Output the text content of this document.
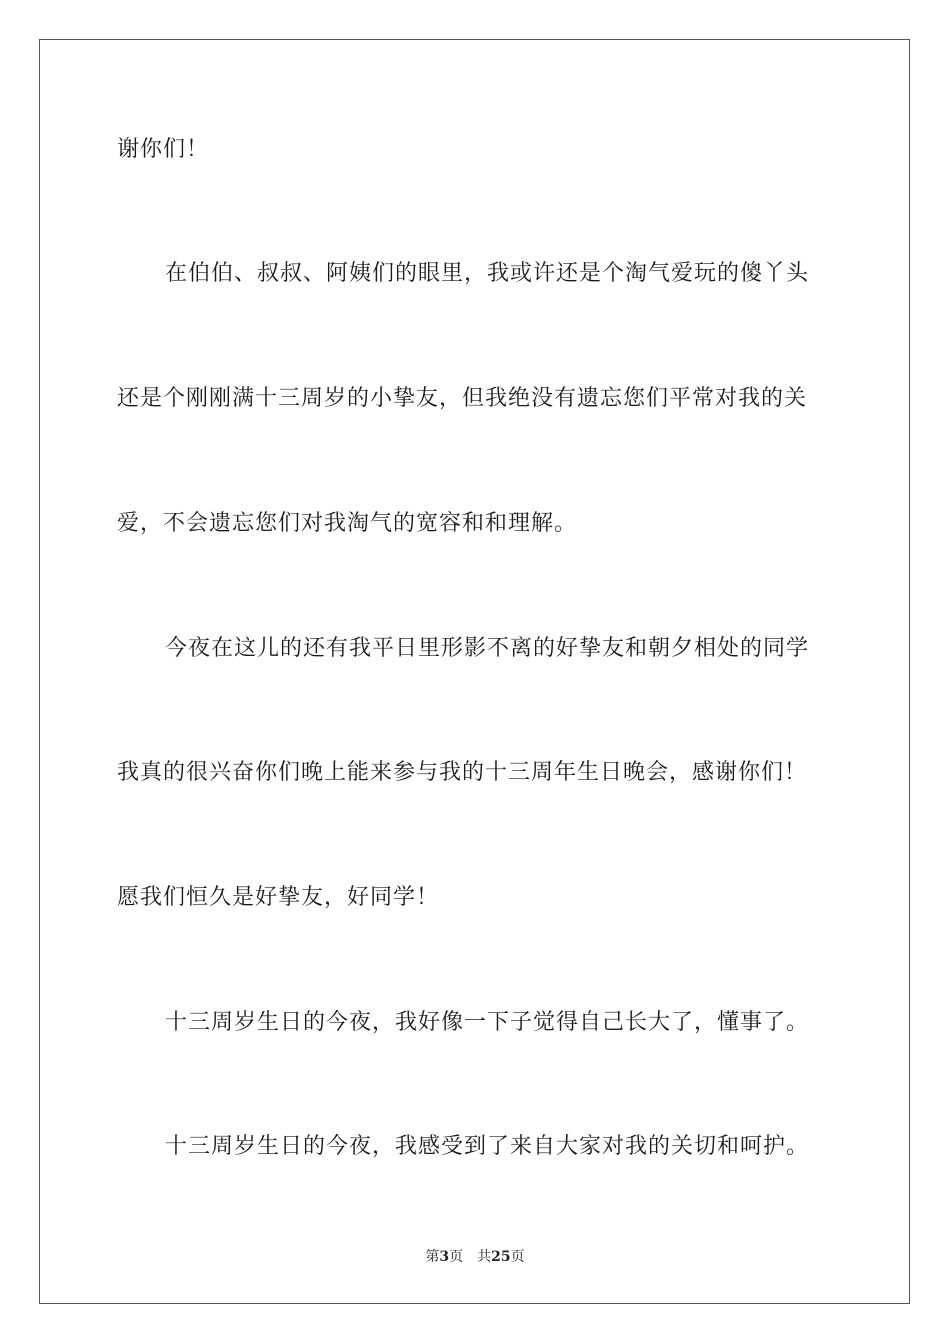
谢你们！
在伯伯、叔叔、阿姨们的眼里，我或许还是个淘气爱玩的傻丫头
还是个刚刚满十三周岁的小挚友，但我绝没有遗忘您们平常对我的关
爱，不会遗忘您们对我淘气的宽容和和理解。
今夜在这儿的还有我平日里形影不离的好挚友和朝夕相处的同学
我真的很兴奋你们晚上能来参与我的十三周年生日晚会，感谢你们！
愿我们恒久是好挚友，好同学！
十三周岁生日的今夜，我好像一下子觉得自己长大了，懂事了。
十三周岁生日的今夜，我感受到了来自大家对我的关切和呵护。
第3页 共25页
